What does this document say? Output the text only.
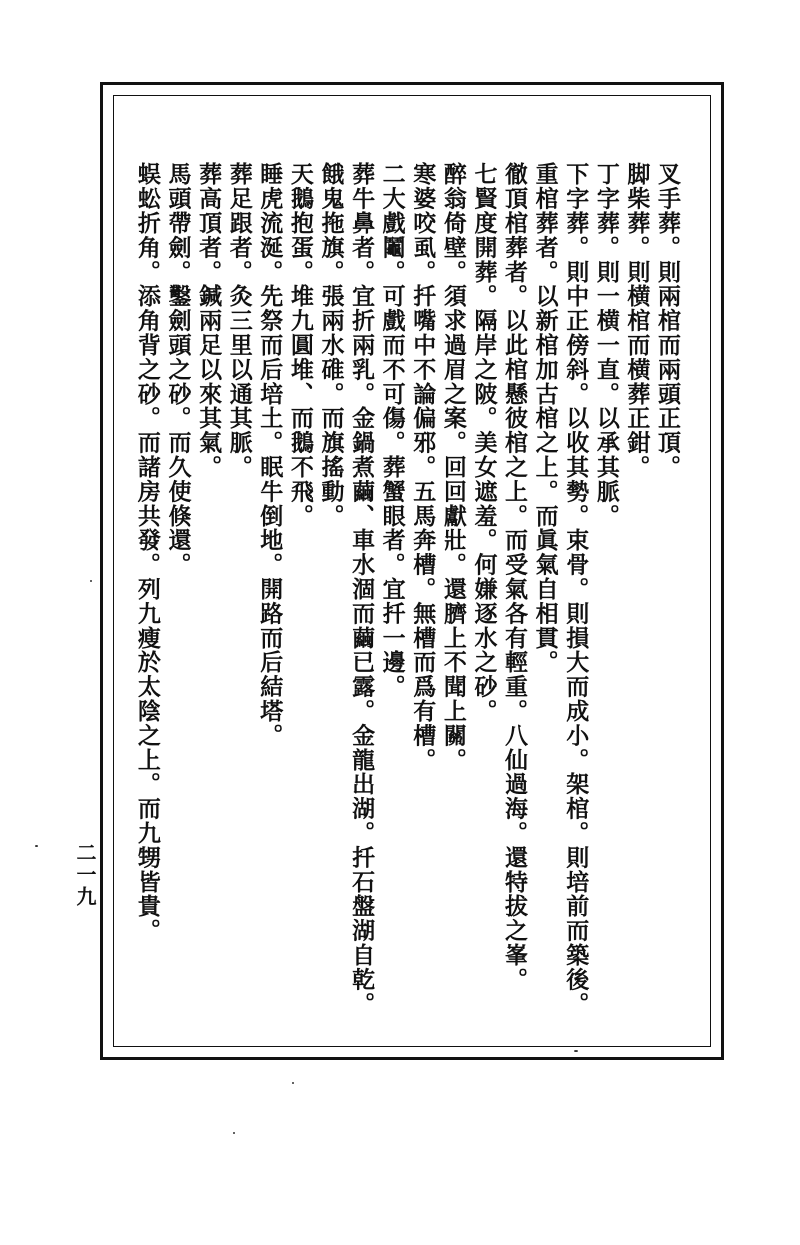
叉手葬。則兩棺而兩頭正頂。
脚柴葬。則横棺而横葬正鉗。
丁字葬。則一横一直。以承其脈。
下字葬。則中正傍斜。以收其勢。束骨。則損大而成小。架棺。則培前而築後。
重棺葬者。以新棺加古棺之上。而眞氣自相貫。
徹頂棺葬者。以此棺懸彼棺之上。而受氣各有輕重。八仙過海。還特拔之峯。
七賢度開葬。隔岸之陂。美女遮羞。何嫌逐水之砂。
醉翁倚壁。須求過眉之案。回回獻壯。還臍上不聞上關。
寒婆咬虱。扦嘴中不論偏邪。五馬奔槽。無槽而爲有槽。
二大戲鬮。可戲而不可傷。葬蟹眼者。宜扦一邊。
葬牛鼻者。宜折兩乳。金鍋煮繭、車水涸而繭已露。金龍出湖。扦石盤湖自乾。
餓鬼拖旗。張兩水碓。而旗搖動。
天鵝抱蛋。堆九圓堆、而鵝不飛。
睡虎流涎。先祭而后培土。眠牛倒地。開路而后結塔。
葬足跟者。灸三里以通其脈。
葬高頂者。鍼兩足以來其氣。
馬頭帶劍。鑿劍頭之砂。而久使倏還。
蜈蚣折角。添角背之砂。而諸房共發。列九瘦於太陰之上。而九甥皆貴。
二一九
